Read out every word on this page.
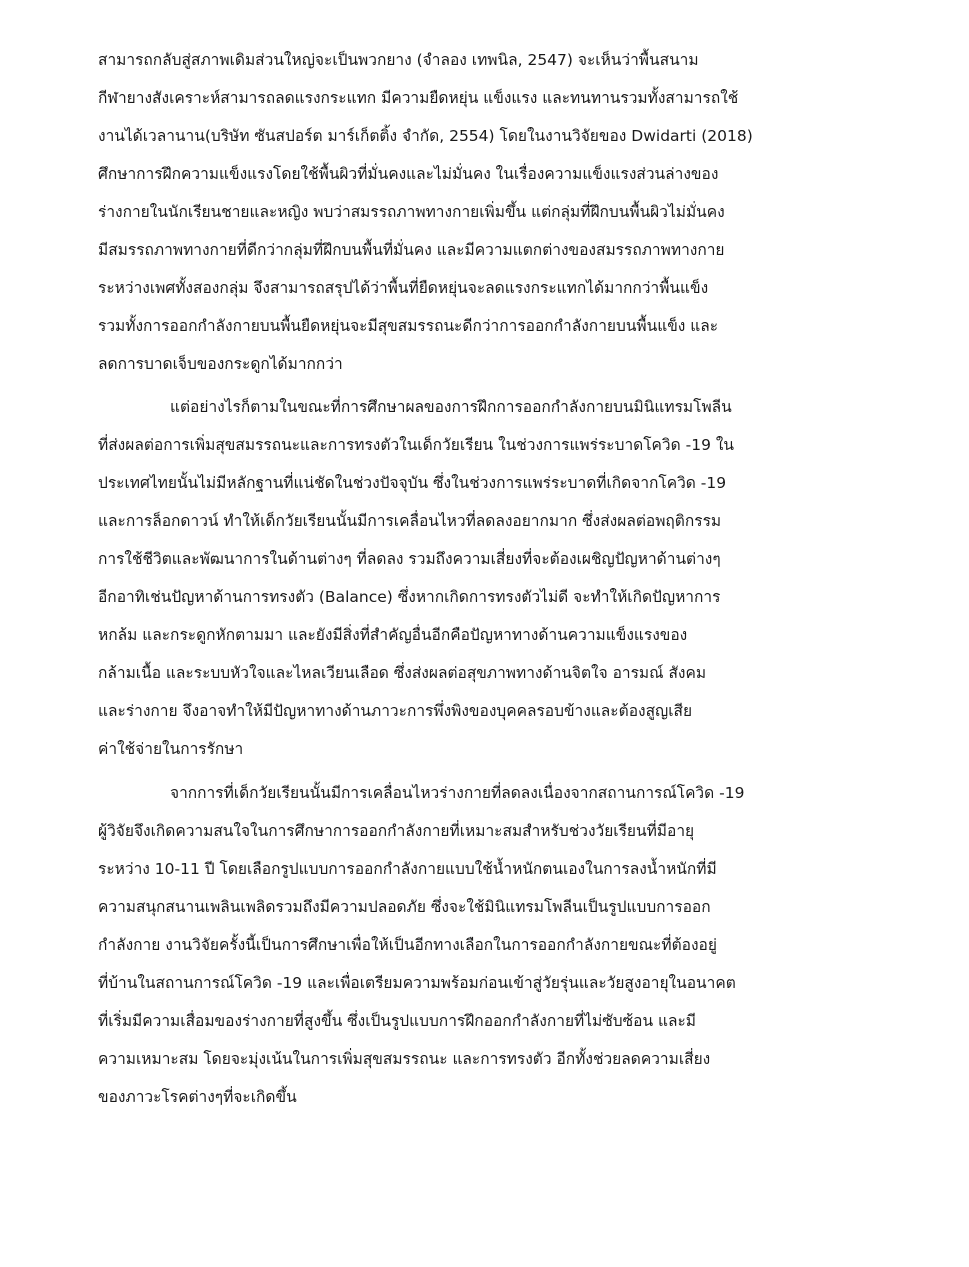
สามารถกลับสู่สภาพเดิมส่วนใหญ่จะเป็นพวกยาง (จำลอง เทพนิล, 2547) จะเห็นว่าพื้นสนาม
กีฬายางสังเคราะห์สามารถลดแรงกระแทก มีความยืดหยุ่น แข็งแรง และทนทานรวมทั้งสามารถใช้
งานได้เวลานาน(บริษัท ซันสปอร์ต มาร์เก็ตติ้ง จำกัด, 2554) โดยในงานวิจัยของ Dwidarti (2018)
ศึกษาการฝึกความแข็งแรงโดยใช้พื้นผิวที่มั่นคงและไม่มั่นคง ในเรื่องความแข็งแรงส่วนล่างของ
ร่างกายในนักเรียนชายและหญิง พบว่าสมรรถภาพทางกายเพิ่มขึ้น แต่กลุ่มที่ฝึกบนพื้นผิวไม่มั่นคง
มีสมรรถภาพทางกายที่ดีกว่ากลุ่มที่ฝึกบนพื้นที่มั่นคง และมีความแตกต่างของสมรรถภาพทางกาย
ระหว่างเพศทั้งสองกลุ่ม จึงสามารถสรุปได้ว่าพื้นที่ยืดหยุ่นจะลดแรงกระแทกได้มากกว่าพื้นแข็ง
รวมทั้งการออกกำลังกายบนพื้นยืดหยุ่นจะมีสุขสมรรถนะดีกว่าการออกกำลังกายบนพื้นแข็ง และ
ลดการบาดเจ็บของกระดูกได้มากกว่า
แต่อย่างไรก็ตามในขณะที่การศึกษาผลของการฝึกการออกกำลังกายบนมินิแทรมโพลีน
ที่ส่งผลต่อการเพิ่มสุขสมรรถนะและการทรงตัวในเด็กวัยเรียน ในช่วงการแพร่ระบาดโควิด -19 ใน
ประเทศไทยนั้นไม่มีหลักฐานที่แน่ชัดในช่วงปัจจุบัน ซึ่งในช่วงการแพร่ระบาดที่เกิดจากโควิด -19
และการล็อกดาวน์ ทำให้เด็กวัยเรียนนั้นมีการเคลื่อนไหวที่ลดลงอยากมาก ซึ่งส่งผลต่อพฤติกรรม
การใช้ชีวิตและพัฒนาการในด้านต่างๆ ที่ลดลง รวมถึงความเสี่ยงที่จะต้องเผชิญปัญหาด้านต่างๆ
อีกอาทิเช่นปัญหาด้านการทรงตัว (Balance) ซึ่งหากเกิดการทรงตัวไม่ดี จะทำให้เกิดปัญหาการ
หกล้ม และกระดูกหักตามมา และยังมีสิ่งที่สำคัญอื่นอีกคือปัญหาทางด้านความแข็งแรงของ
กล้ามเนื้อ และระบบหัวใจและไหลเวียนเลือด ซึ่งส่งผลต่อสุขภาพทางด้านจิตใจ อารมณ์ สังคม
และร่างกาย จึงอาจทำให้มีปัญหาทางด้านภาวะการพึ่งพิงของบุคคลรอบข้างและต้องสูญเสีย
ค่าใช้จ่ายในการรักษา
จากการที่เด็กวัยเรียนนั้นมีการเคลื่อนไหวร่างกายที่ลดลงเนื่องจากสถานการณ์โควิด -19
ผู้วิจัยจึงเกิดความสนใจในการศึกษาการออกกำลังกายที่เหมาะสมสำหรับช่วงวัยเรียนที่มีอายุ
ระหว่าง 10-11 ปี โดยเลือกรูปแบบการออกกำลังกายแบบใช้น้ำหนักตนเองในการลงน้ำหนักที่มี
ความสนุกสนานเพลินเพลิดรวมถึงมีความปลอดภัย ซึ่งจะใช้มินิแทรมโพลีนเป็นรูปแบบการออก
กำลังกาย งานวิจัยครั้งนี้เป็นการศึกษาเพื่อให้เป็นอีกทางเลือกในการออกกำลังกายขณะที่ต้องอยู่
ที่บ้านในสถานการณ์โควิด -19 และเพื่อเตรียมความพร้อมก่อนเข้าสู่วัยรุ่นและวัยสูงอายุในอนาคต
ที่เริ่มมีความเสื่อมของร่างกายที่สูงขึ้น ซึ่งเป็นรูปแบบการฝึกออกกำลังกายที่ไม่ซับซ้อน และมี
ความเหมาะสม โดยจะมุ่งเน้นในการเพิ่มสุขสมรรถนะ และการทรงตัว อีกทั้งช่วยลดความเสี่ยง
ของภาวะโรคต่างๆที่จะเกิดขึ้น
